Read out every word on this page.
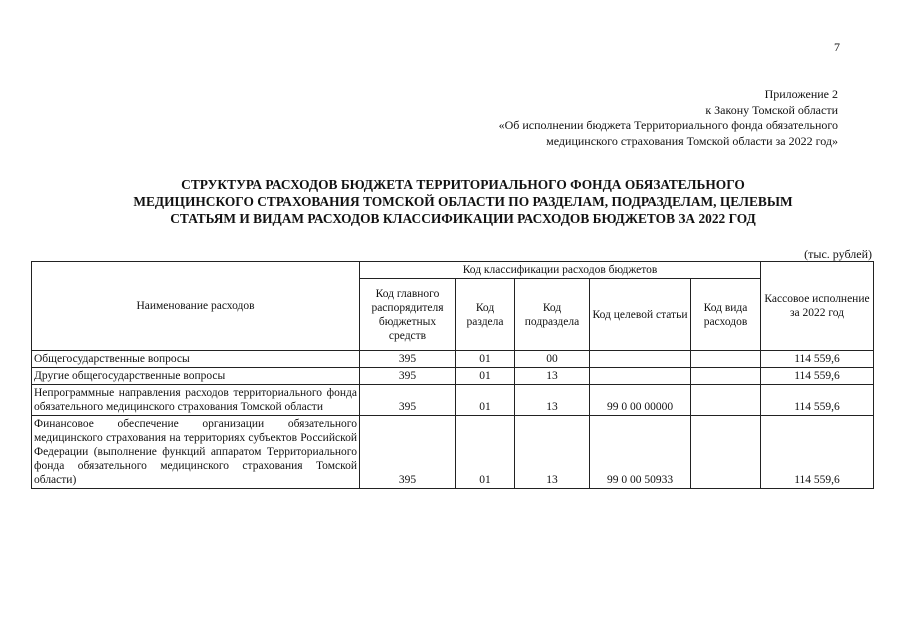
7
Приложение 2
к Закону Томской области
«Об исполнении бюджета Территориального фонда обязательного
медицинского страхования Томской области за 2022 год»
СТРУКТУРА РАСХОДОВ БЮДЖЕТА ТЕРРИТОРИАЛЬНОГО ФОНДА ОБЯЗАТЕЛЬНОГО
МЕДИЦИНСКОГО СТРАХОВАНИЯ ТОМСКОЙ ОБЛАСТИ ПО РАЗДЕЛАМ, ПОДРАЗДЕЛАМ, ЦЕЛЕВЫМ
СТАТЬЯМ И ВИДАМ РАСХОДОВ КЛАССИФИКАЦИИ РАСХОДОВ БЮДЖЕТОВ ЗА 2022 ГОД
(тыс. рублей)
Наименование расходов	Код классификации расходов бюджетов					Кассовое исполнение за 2022 год
	Код главного распорядителя бюджетных средств	Код раздела	Код подраздела	Код целевой статьи	Код вида расходов	
Общегосударственные вопросы	395	01	00			114 559,6
Другие общегосударственные вопросы	395	01	13			114 559,6
Непрограммные направления расходов территориального фонда обязательного медицинского страхования Томской области	395	01	13	99 0 00 00000		114 559,6
Финансовое обеспечение организации обязательного медицинского страхования на территориях субъектов Российской Федерации (выполнение функций аппаратом Территориального фонда обязательного медицинского страхования Томской области)	395	01	13	99 0 00 50933		114 559,6
